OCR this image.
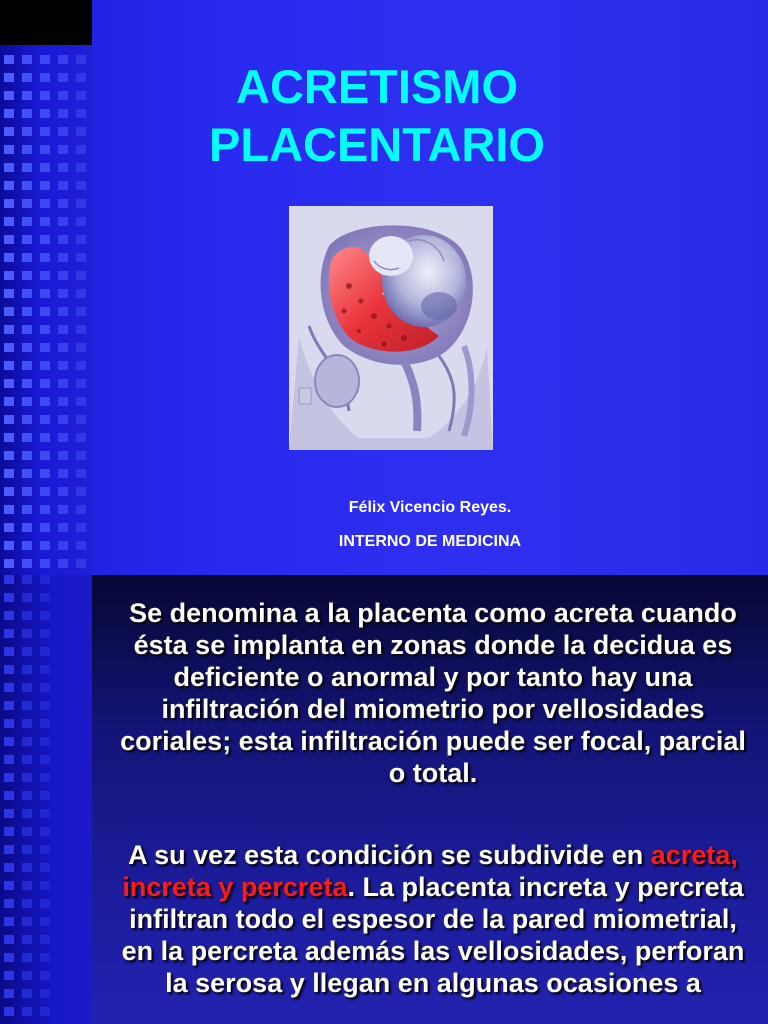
ACRETISMO
PLACENTARIO
Félix Vicencio Reyes.
INTERNO DE MEDICINA

Se denomina a la placenta como acreta cuando ésta se implanta en zonas donde la decidua es deficiente o anormal y por tanto hay una infiltración del miometrio por vellosidades coriales; esta infiltración puede ser focal, parcial o total.

A su vez esta condición se subdivide en acreta, increta y percreta. La placenta increta y percreta infiltran todo el espesor de la pared miometrial, en la percreta además las vellosidades, perforan la serosa y llegan en algunas ocasiones a
